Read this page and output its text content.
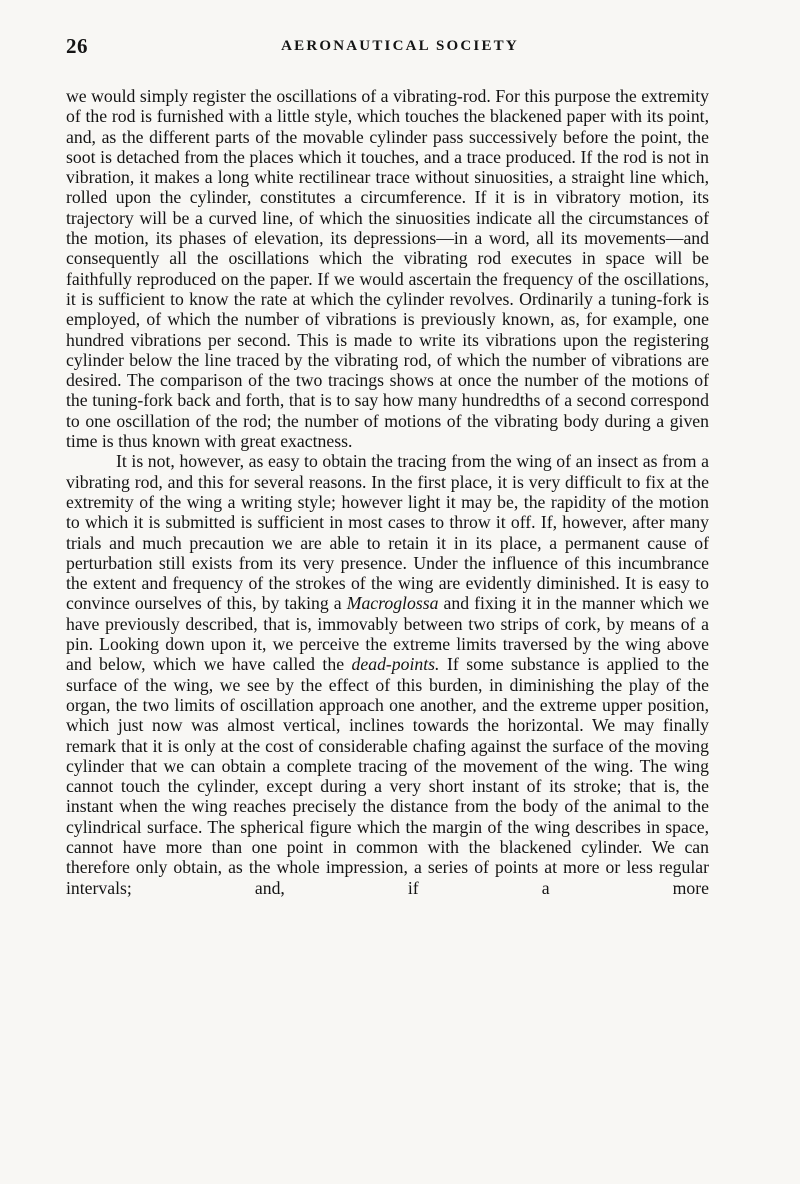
26	AERONAUTICAL SOCIETY

we would simply register the oscillations of a vibrating-rod. For this purpose the extremity of the rod is furnished with a little style, which touches the blackened paper with its point, and, as the different parts of the movable cylinder pass successively before the point, the soot is detached from the places which it touches, and a trace produced. If the rod is not in vibration, it makes a long white rectilinear trace without sinuosities, a straight line which, rolled upon the cylinder, constitutes a circumference. If it is in vibratory motion, its trajectory will be a curved line, of which the sinuosities indicate all the circumstances of the motion, its phases of elevation, its depressions—in a word, all its movements—and consequently all the oscillations which the vibrating rod executes in space will be faithfully reproduced on the paper. If we would ascertain the frequency of the oscillations, it is sufficient to know the rate at which the cylinder revolves. Ordinarily a tuning-fork is employed, of which the number of vibrations is previously known, as, for example, one hundred vibrations per second. This is made to write its vibrations upon the registering cylinder below the line traced by the vibrating rod, of which the number of vibrations are desired. The comparison of the two tracings shows at once the number of the motions of the tuning-fork back and forth, that is to say how many hundredths of a second correspond to one oscillation of the rod; the number of motions of the vibrating body during a given time is thus known with great exactness.

It is not, however, as easy to obtain the tracing from the wing of an insect as from a vibrating rod, and this for several reasons. In the first place, it is very difficult to fix at the extremity of the wing a writing style; however light it may be, the rapidity of the motion to which it is submitted is sufficient in most cases to throw it off. If, however, after many trials and much precaution we are able to retain it in its place, a permanent cause of perturbation still exists from its very presence. Under the influence of this incumbrance the extent and frequency of the strokes of the wing are evidently diminished. It is easy to convince ourselves of this, by taking a Macroglossa and fixing it in the manner which we have previously described, that is, immovably between two strips of cork, by means of a pin. Looking down upon it, we perceive the extreme limits traversed by the wing above and below, which we have called the dead-points. If some substance is applied to the surface of the wing, we see by the effect of this burden, in diminishing the play of the organ, the two limits of oscillation approach one another, and the extreme upper position, which just now was almost vertical, inclines towards the horizontal. We may finally remark that it is only at the cost of considerable chafing against the surface of the moving cylinder that we can obtain a complete tracing of the movement of the wing. The wing cannot touch the cylinder, except during a very short instant of its stroke; that is, the instant when the wing reaches precisely the distance from the body of the animal to the cylindrical surface. The spherical figure which the margin of the wing describes in space, cannot have more than one point in common with the blackened cylinder. We can therefore only obtain, as the whole impression, a series of points at more or less regular intervals; and, if a more
